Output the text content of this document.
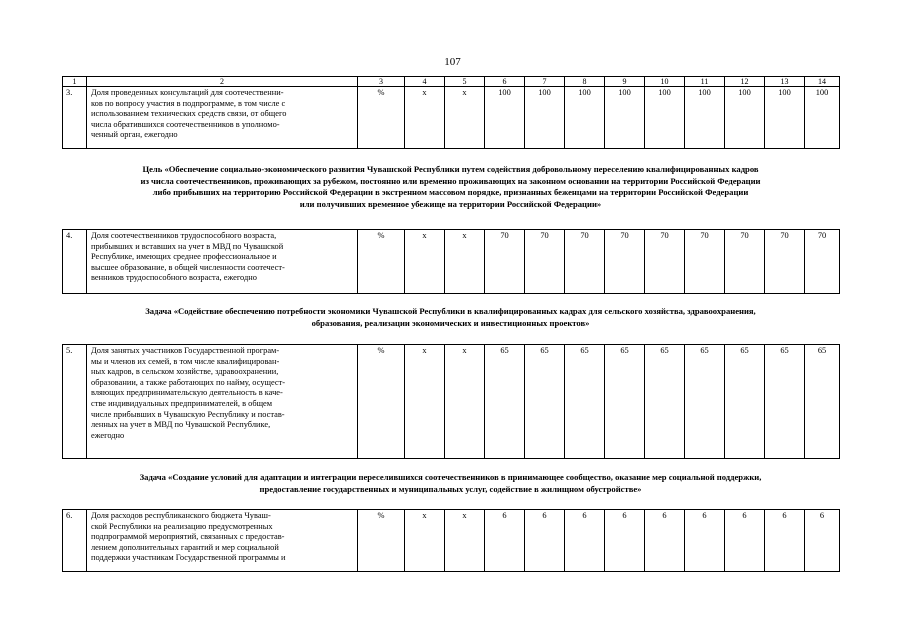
107
1	2	3	4	5	6	7	8	9	10	11	12	13	14
3.	Доля проведенных консультаций для соотечественни-
ков по вопросу участия в подпрограмме, в том числе с
использованием технических средств связи, от общего
числа обратившихся соотечественников в уполномо-
ченный орган, ежегодно	%	х	х	100	100	100	100	100	100	100	100	100
Цель «Обеспечение социально-экономического развития Чувашской Республики путем содействия добровольному переселению квалифицированных кадров
из числа соотечественников, проживающих за рубежом, постоянно или временно проживающих на законном основании на территории Российской Федерации
либо прибывших на территорию Российской Федерации в экстренном массовом порядке, признанных беженцами на территории Российской Федерации
или получивших временное убежище на территории Российской Федерации»
4.	Доля соотечественников трудоспособного возраста,
прибывших и вставших на учет в МВД по Чувашской
Республике, имеющих среднее профессиональное и
высшее образование, в общей численности соотечест-
венников трудоспособного возраста, ежегодно
	%	х	х	70	70	70	70	70	70	70	70	70
Задача «Содействие обеспечению потребности экономики Чувашской Республики в квалифицированных кадрах для сельского хозяйства, здравоохранения,
образования, реализации экономических и инвестиционных проектов»
5.	Доля занятых участников Государственной програм-
мы и членов их семей, в том числе квалифицирован-
ных кадров, в сельском хозяйстве, здравоохранении,
образовании, а также работающих по найму, осущест-
вляющих предпринимательскую деятельность в каче-
стве индивидуальных предпринимателей, в общем
числе прибывших в Чувашскую Республику и постав-
ленных на учет в МВД по Чувашской Республике,
ежегодно
	%	х	х	65	65	65	65	65	65	65	65	65
Задача «Создание условий для адаптации и интеграции переселившихся соотечественников в принимающее сообщество, оказание мер социальной поддержки,
предоставление государственных и муниципальных услуг, содействие в жилищном обустройстве»
6.	Доля расходов республиканского бюджета Чуваш-
ской Республики на реализацию предусмотренных
подпрограммой мероприятий, связанных с предостав-
лением дополнительных гарантий и мер социальной
поддержки участникам Государственной программы и
	%	х	х	6	6	6	6	6	6	6	6	6
